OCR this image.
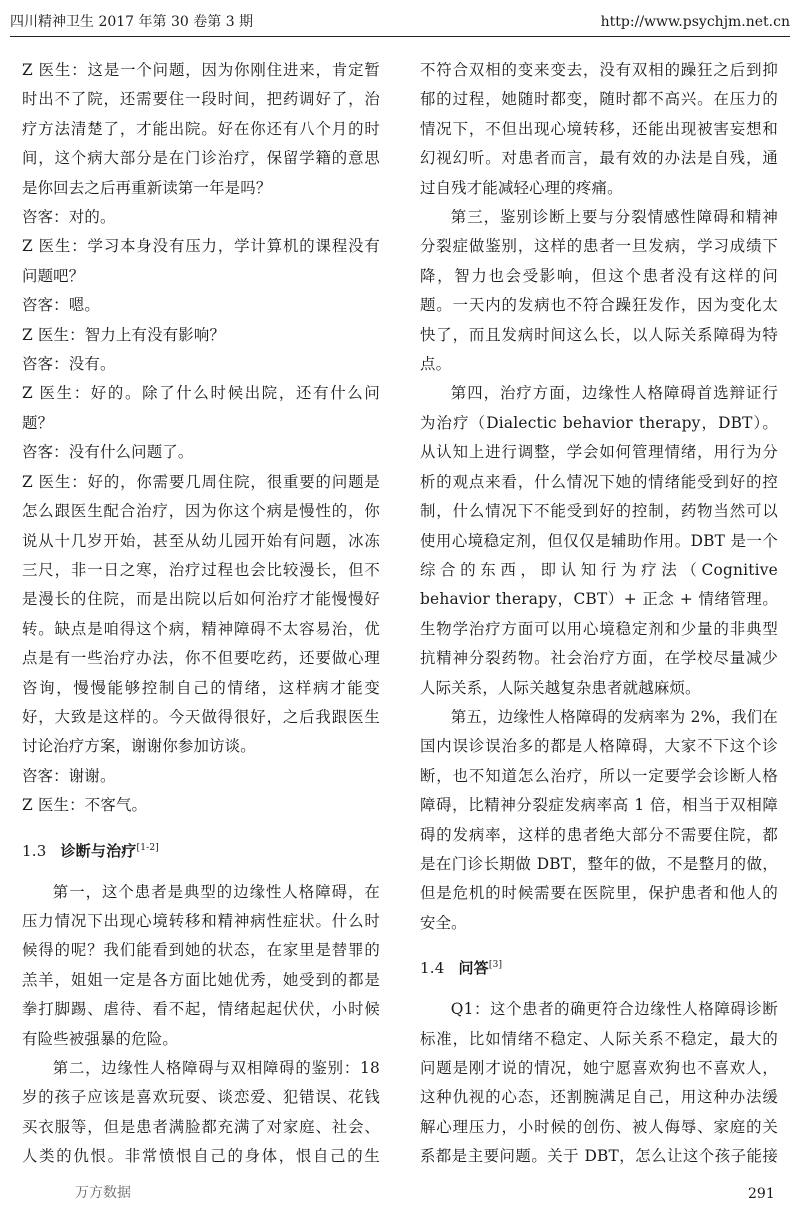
四川精神卫生 2017 年第 30 卷第 3 期	http://www.psychjm.net.cn

Z 医生：这是一个问题，因为你刚住进来，肯定暂时出不了院，还需要住一段时间，把药调好了，治疗方法清楚了，才能出院。好在你还有八个月的时间，这个病大部分是在门诊治疗，保留学籍的意思是你回去之后再重新读第一年是吗？

咨客：对的。

Z 医生：学习本身没有压力，学计算机的课程没有问题吧？

咨客：嗯。

Z 医生：智力上有没有影响？

咨客：没有。

Z 医生：好的。除了什么时候出院，还有什么问题？

咨客：没有什么问题了。

Z 医生：好的，你需要几周住院，很重要的问题是怎么跟医生配合治疗，因为你这个病是慢性的，你说从十几岁开始，甚至从幼儿园开始有问题，冰冻三尺，非一日之寒，治疗过程也会比较漫长，但不是漫长的住院，而是出院以后如何治疗才能慢慢好转。缺点是咱得这个病，精神障碍不太容易治，优点是有一些治疗办法，你不但要吃药，还要做心理咨询，慢慢能够控制自己的情绪，这样病才能变好，大致是这样的。今天做得很好，之后我跟医生讨论治疗方案，谢谢你参加访谈。

咨客：谢谢。

Z 医生：不客气。

1.3 诊断与治疗[1-2]

第一，这个患者是典型的边缘性人格障碍，在压力情况下出现心境转移和精神病性症状。什么时候得的呢？我们能看到她的状态，在家里是替罪的羔羊，姐姐一定是各方面比她优秀，她受到的都是拳打脚踢、虐待、看不起，情绪起起伏伏，小时候有险些被强暴的危险。

第二，边缘性人格障碍与双相障碍的鉴别：18 岁的孩子应该是喜欢玩耍、谈恋爱、犯错误、花钱买衣服等，但是患者满脸都充满了对家庭、社会、人类的仇恨。非常愤恨自己的身体，恨自己的生

不符合双相的变来变去，没有双相的躁狂之后到抑郁的过程，她随时都变，随时都不高兴。在压力的情况下，不但出现心境转移，还能出现被害妄想和幻视幻听。对患者而言，最有效的办法是自残，通过自残才能减轻心理的疼痛。

第三，鉴别诊断上要与分裂情感性障碍和精神分裂症做鉴别，这样的患者一旦发病，学习成绩下降，智力也会受影响，但这个患者没有这样的问题。一天内的发病也不符合躁狂发作，因为变化太快了，而且发病时间这么长，以人际关系障碍为特点。

第四，治疗方面，边缘性人格障碍首选辩证行为治疗（Dialectic behavior therapy，DBT）。从认知上进行调整，学会如何管理情绪，用行为分析的观点来看，什么情况下她的情绪能受到好的控制，什么情况下不能受到好的控制，药物当然可以使用心境稳定剂，但仅仅是辅助作用。DBT 是一个综合的东西，即认知行为疗法（Cognitive behavior therapy，CBT）+ 正念 + 情绪管理。生物学治疗方面可以用心境稳定剂和少量的非典型抗精神分裂药物。社会治疗方面，在学校尽量减少人际关系，人际关越复杂患者就越麻烦。

第五，边缘性人格障碍的发病率为 2%，我们在国内误诊误治多的都是人格障碍，大家不下这个诊断，也不知道怎么治疗，所以一定要学会诊断人格障碍，比精神分裂症发病率高 1 倍，相当于双相障碍的发病率，这样的患者绝大部分不需要住院，都是在门诊长期做 DBT，整年的做，不是整月的做，但是危机的时候需要在医院里，保护患者和他人的安全。

1.4 问答[3]

Q1：这个患者的确更符合边缘性人格障碍诊断标准，比如情绪不稳定、人际关系不稳定，最大的问题是刚才说的情况，她宁愿喜欢狗也不喜欢人，这种仇视的心态，还割腕满足自己，用这种办法缓解心理压力，小时候的创伤、被人侮辱、家庭的关系都是主要问题。关于 DBT，怎么让这个孩子能接

万方数据	291
